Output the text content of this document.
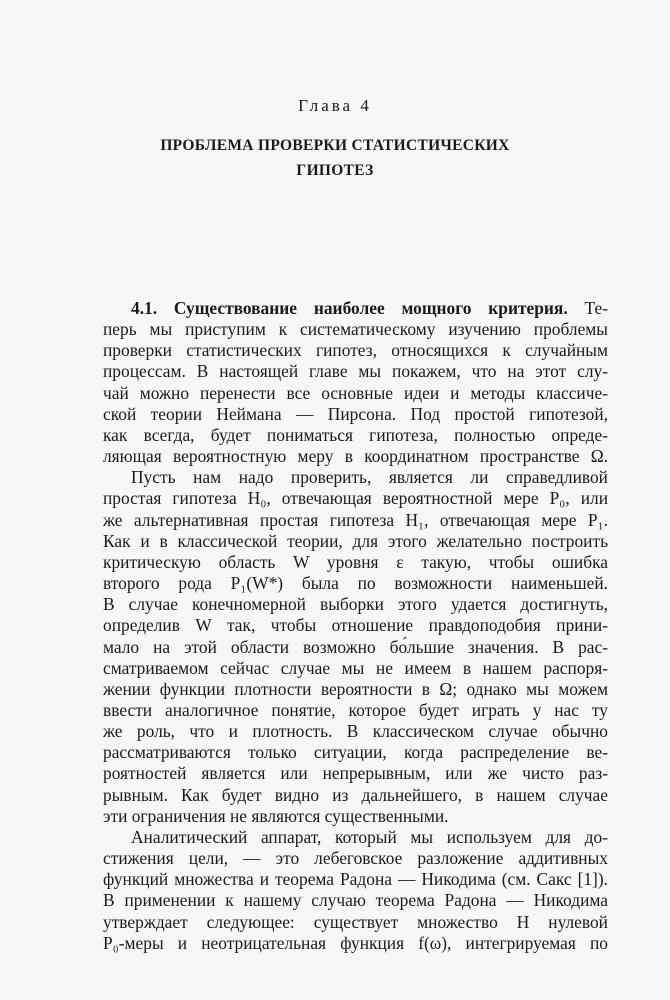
Глава 4
ПРОБЛЕМА ПРОВЕРКИ СТАТИСТИЧЕСКИХ
ГИПОТЕЗ

4.1. Существование наиболее мощного критерия. Те-
перь мы приступим к систематическому изучению проблемы
проверки статистических гипотез, относящихся к случайным
процессам. В настоящей главе мы покажем, что на этот слу-
чай можно перенести все основные идеи и методы классиче-
ской теории Неймана — Пирсона. Под простой гипотезой,
как всегда, будет пониматься гипотеза, полностью опреде-
ляющая вероятностную меру в координатном пространстве Ω.

Пусть нам надо проверить, является ли справедливой
простая гипотеза H₀, отвечающая вероятностной мере P₀, или
же альтернативная простая гипотеза H₁, отвечающая мере P₁.
Как и в классической теории, для этого желательно построить
критическую область W уровня ε такую, чтобы ошибка
второго рода P₁(W*) была по возможности наименьшей.
В случае конечномерной выборки этого удается достигнуть,
определив W так, чтобы отношение правдоподобия прини-
мало на этой области возможно бо́льшие значения. В рас-
сматриваемом сейчас случае мы не имеем в нашем распоря-
жении функции плотности вероятности в Ω; однако мы можем
ввести аналогичное понятие, которое будет играть у нас ту
же роль, что и плотность. В классическом случае обычно
рассматриваются только ситуации, когда распределение ве-
роятностей является или непрерывным, или же чисто раз-
рывным. Как будет видно из дальнейшего, в нашем случае
эти ограничения не являются существенными.

Аналитический аппарат, который мы используем для до-
стижения цели, — это лебеговское разложение аддитивных
функций множества и теорема Радона — Никодима (см. Сакс [1]).
В применении к нашему случаю теорема Радона — Никодима
утверждает следующее: существует множество H нулевой
P₀-меры и неотрицательная функция f(ω), интегрируемая по
